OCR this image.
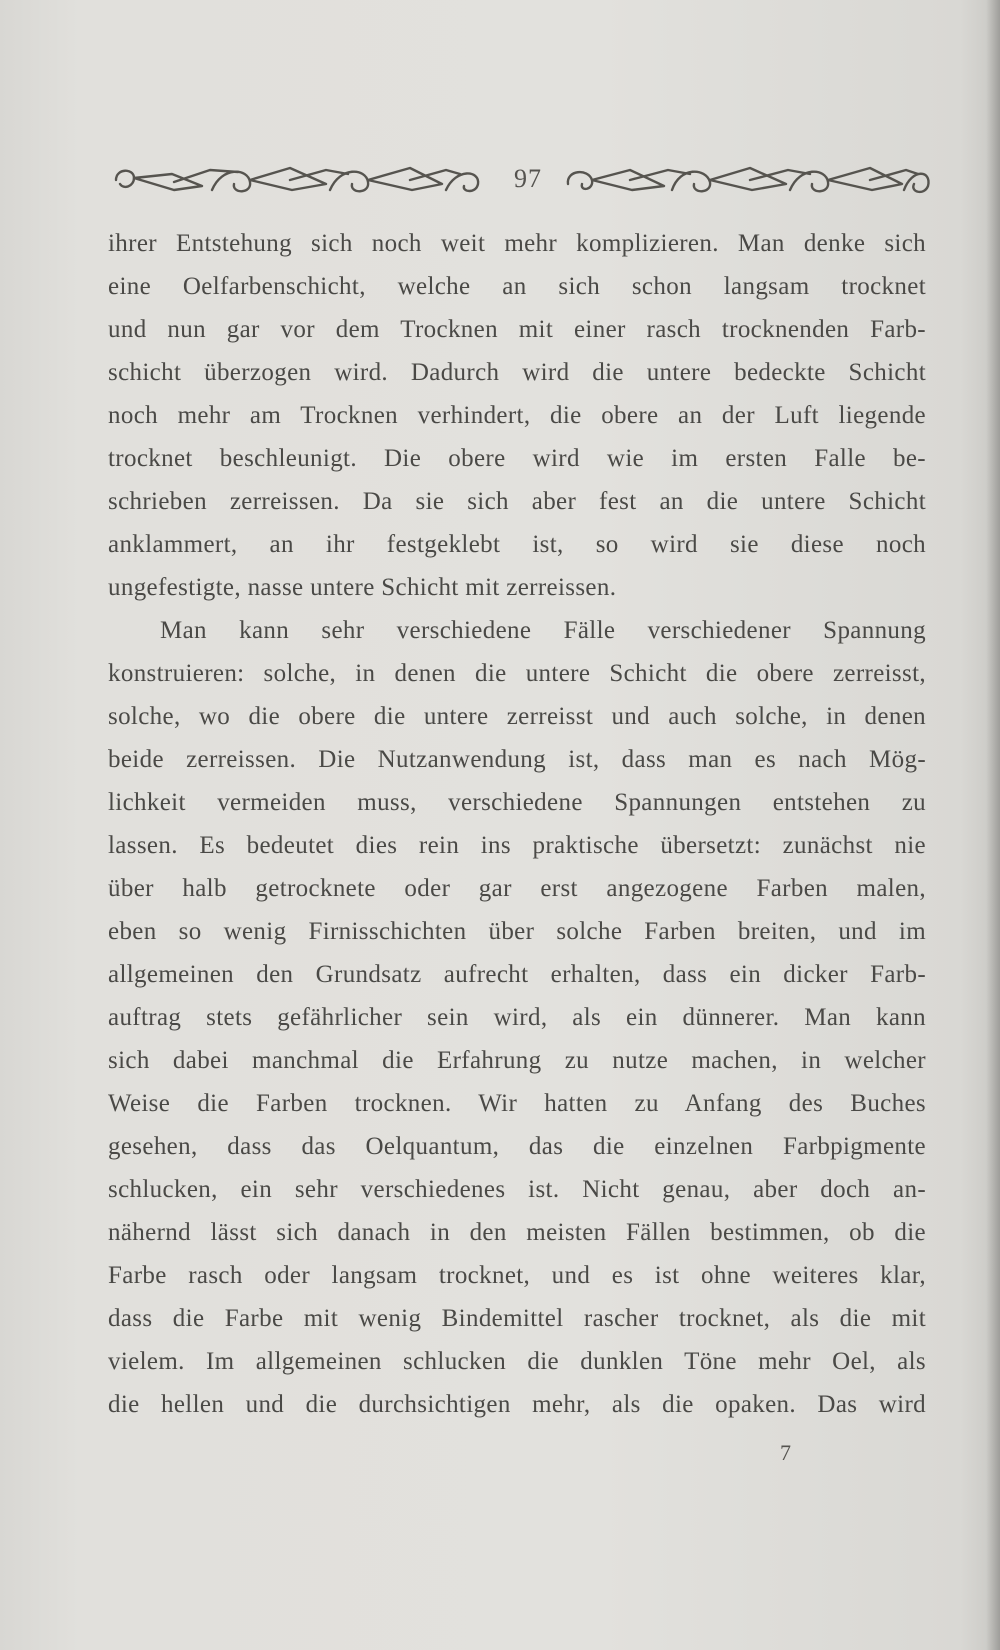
97
ihrer Entstehung sich noch weit mehr komplizieren. Man denke sich
eine Oelfarbenschicht, welche an sich schon langsam trocknet
und nun gar vor dem Trocknen mit einer rasch trocknenden Farb-
schicht überzogen wird. Dadurch wird die untere bedeckte Schicht
noch mehr am Trocknen verhindert, die obere an der Luft liegende
trocknet beschleunigt. Die obere wird wie im ersten Falle be-
schrieben zerreissen. Da sie sich aber fest an die untere Schicht
anklammert, an ihr festgeklebt ist, so wird sie diese noch
ungefestigte, nasse untere Schicht mit zerreissen.
Man kann sehr verschiedene Fälle verschiedener Spannung
konstruieren: solche, in denen die untere Schicht die obere zerreisst,
solche, wo die obere die untere zerreisst und auch solche, in denen
beide zerreissen. Die Nutzanwendung ist, dass man es nach Mög-
lichkeit vermeiden muss, verschiedene Spannungen entstehen zu
lassen. Es bedeutet dies rein ins praktische übersetzt: zunächst nie
über halb getrocknete oder gar erst angezogene Farben malen,
eben so wenig Firnisschichten über solche Farben breiten, und im
allgemeinen den Grundsatz aufrecht erhalten, dass ein dicker Farb-
auftrag stets gefährlicher sein wird, als ein dünnerer. Man kann
sich dabei manchmal die Erfahrung zu nutze machen, in welcher
Weise die Farben trocknen. Wir hatten zu Anfang des Buches
gesehen, dass das Oelquantum, das die einzelnen Farbpigmente
schlucken, ein sehr verschiedenes ist. Nicht genau, aber doch an-
nähernd lässt sich danach in den meisten Fällen bestimmen, ob die
Farbe rasch oder langsam trocknet, und es ist ohne weiteres klar,
dass die Farbe mit wenig Bindemittel rascher trocknet, als die mit
vielem. Im allgemeinen schlucken die dunklen Töne mehr Oel, als
die hellen und die durchsichtigen mehr, als die opaken. Das wird
7
